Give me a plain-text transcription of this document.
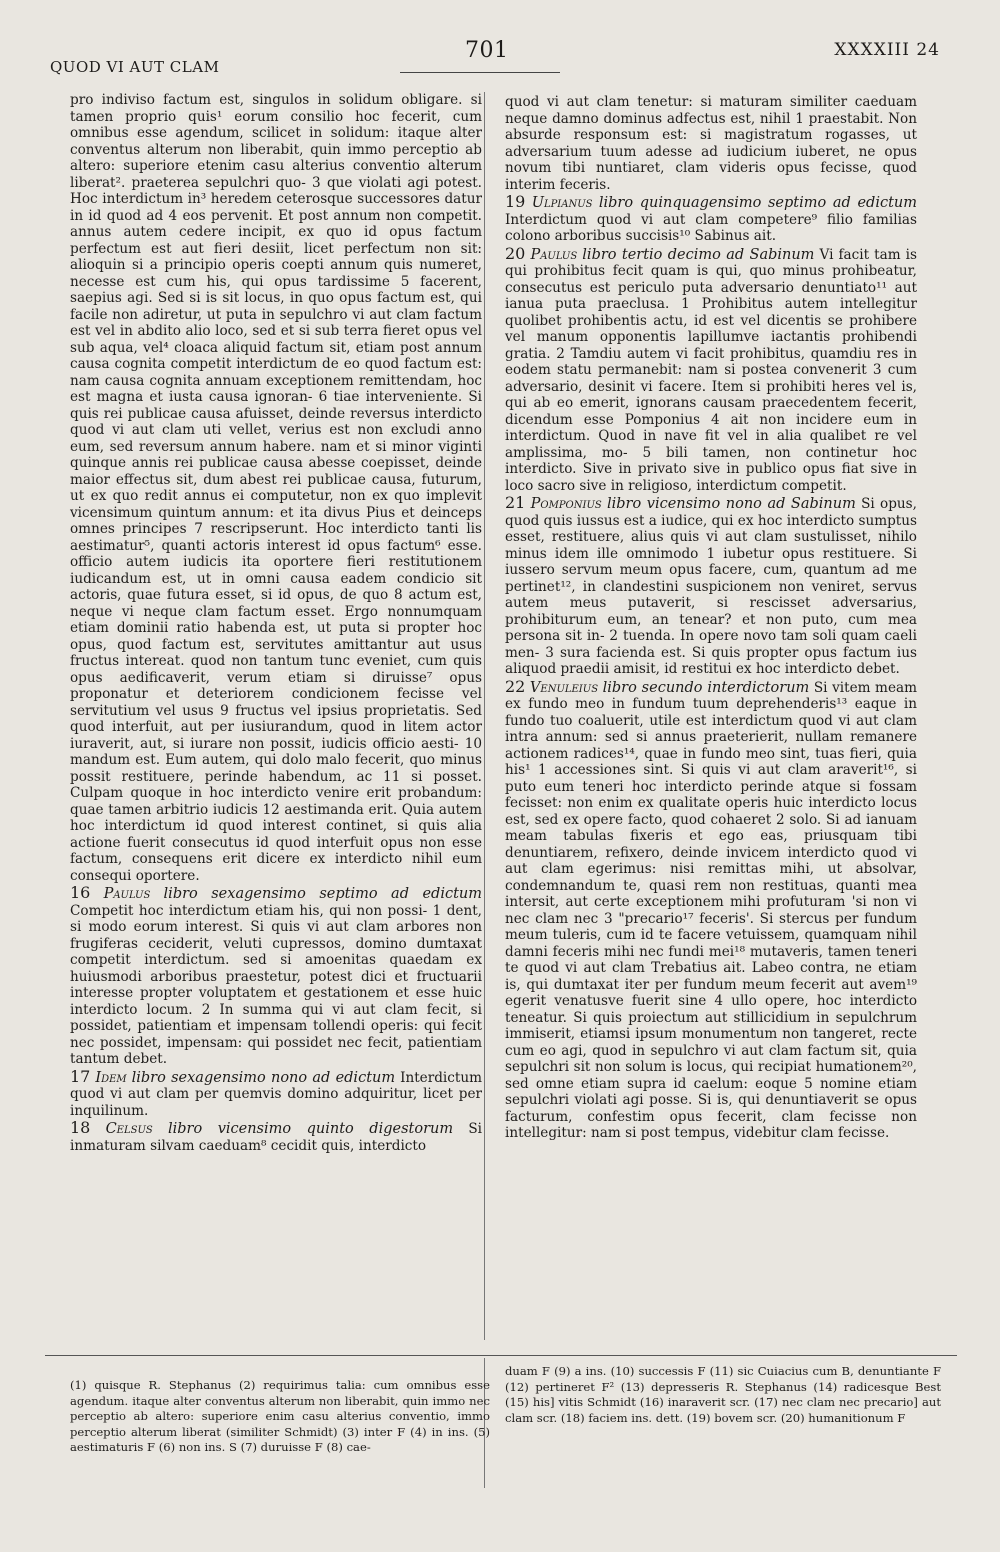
QUOD VI AUT CLAM
701	XXXXIII 24

pro indiviso factum est, singulos in solidum obligare. si tamen proprio quis¹ eorum consilio hoc fecerit, cum omnibus esse agendum, scilicet in solidum: itaque alter conventus alterum non liberabit, quin immo perceptio ab altero: superiore etenim casu alterius conventio alterum liberat². praeterea sepulchri quo- 3 que violati agi potest. Hoc interdictum in³ heredem ceterosque successores datur in id quod ad 4 eos pervenit. Et post annum non competit. annus autem cedere incipit, ex quo id opus factum perfectum est aut fieri desiit, licet perfectum non sit: alioquin si a principio operis coepti annum quis numeret, necesse est cum his, qui opus tardissime 5 facerent, saepius agi. Sed si is sit locus, in quo opus factum est, qui facile non adiretur, ut puta in sepulchro vi aut clam factum est vel in abdito alio loco, sed et si sub terra fieret opus vel sub aqua, vel⁴ cloaca aliquid factum sit, etiam post annum causa cognita competit interdictum de eo quod factum est: nam causa cognita annuam exceptionem remittendam, hoc est magna et iusta causa ignoran- 6 tiae interveniente. Si quis rei publicae causa afuisset, deinde reversus interdicto quod vi aut clam uti vellet, verius est non excludi anno eum, sed reversum annum habere. nam et si minor viginti quinque annis rei publicae causa abesse coepisset, deinde maior effectus sit, dum abest rei publicae causa, futurum, ut ex quo redit annus ei computetur, non ex quo implevit vicensimum quintum annum: et ita divus Pius et deinceps omnes principes 7 rescripserunt. Hoc interdicto tanti lis aestimatur⁵, quanti actoris interest id opus factum⁶ esse. officio autem iudicis ita oportere fieri restitutionem iudicandum est, ut in omni causa eadem condicio sit actoris, quae futura esset, si id opus, de quo 8 actum est, neque vi neque clam factum esset. Ergo nonnumquam etiam dominii ratio habenda est, ut puta si propter hoc opus, quod factum est, servitutes amittantur aut usus fructus intereat. quod non tantum tunc eveniet, cum quis opus aedificaverit, verum etiam si diruisse⁷ opus proponatur et deteriorem condicionem fecisse vel servitutium vel usus 9 fructus vel ipsius proprietatis. Sed quod interfuit, aut per iusiurandum, quod in litem actor iuraverit, aut, si iurare non possit, iudicis officio aesti- 10 mandum est. Eum autem, qui dolo malo fecerit, quo minus possit restituere, perinde habendum, ac 11 si posset. Culpam quoque in hoc interdicto venire erit probandum: quae tamen arbitrio iudicis 12 aestimanda erit. Quia autem hoc interdictum id quod interest continet, si quis alia actione fuerit consecutus id quod interfuit opus non esse factum, consequens erit dicere ex interdicto nihil eum consequi oportere.

16 Paulus libro sexagensimo septimo ad edictum Competit hoc interdictum etiam his, qui non possi- 1 dent, si modo eorum interest. Si quis vi aut clam arbores non frugiferas ceciderit, veluti cupressos, domino dumtaxat competit interdictum. sed si amoenitas quaedam ex huiusmodi arboribus praestetur, potest dici et fructuarii interesse propter voluptatem et gestationem et esse huic interdicto locum. 2 In summa qui vi aut clam fecit, si possidet, patientiam et impensam tollendi operis: qui fecit nec possidet, impensam: qui possidet nec fecit, patientiam tantum debet.

17 Idem libro sexagensimo nono ad edictum Interdictum quod vi aut clam per quemvis domino adquiritur, licet per inquilinum.

18 Celsus libro vicensimo quinto digestorum Si inmaturam silvam caeduam⁸ cecidit quis, interdicto

quod vi aut clam tenetur: si maturam similiter caeduam neque damno dominus adfectus est, nihil 1 praestabit. Non absurde responsum est: si magistratum rogasses, ut adversarium tuum adesse ad iudicium iuberet, ne opus novum tibi nuntiaret, clam videris opus fecisse, quod interim feceris.

19 Ulpianus libro quinquagensimo septimo ad edictum Interdictum quod vi aut clam competere⁹ filio familias colono arboribus succisis¹⁰ Sabinus ait.

20 Paulus libro tertio decimo ad Sabinum Vi facit tam is qui prohibitus fecit quam is qui, quo minus prohibeatur, consecutus est periculo puta adversario denuntiato¹¹ aut ianua puta praeclusa. 1 Prohibitus autem intellegitur quolibet prohibentis actu, id est vel dicentis se prohibere vel manum opponentis lapillumve iactantis prohibendi gratia. 2 Tamdiu autem vi facit prohibitus, quamdiu res in eodem statu permanebit: nam si postea convenerit 3 cum adversario, desinit vi facere. Item si prohibiti heres vel is, qui ab eo emerit, ignorans causam praecedentem fecerit, dicendum esse Pomponius 4 ait non incidere eum in interdictum. Quod in nave fit vel in alia qualibet re vel amplissima, mo- 5 bili tamen, non continetur hoc interdicto. Sive in privato sive in publico opus fiat sive in loco sacro sive in religioso, interdictum competit.

21 Pomponius libro vicensimo nono ad Sabinum Si opus, quod quis iussus est a iudice, qui ex hoc interdicto sumptus esset, restituere, alius quis vi aut clam sustulisset, nihilo minus idem ille omnimodo 1 iubetur opus restituere. Si iussero servum meum opus facere, cum, quantum ad me pertinet¹², in clandestini suspicionem non veniret, servus autem meus putaverit, si rescisset adversarius, prohibiturum eum, an tenear? et non puto, cum mea persona sit in- 2 tuenda. In opere novo tam soli quam caeli men- 3 sura facienda est. Si quis propter opus factum ius aliquod praedii amisit, id restitui ex hoc interdicto debet.

22 Venuleius libro secundo interdictorum Si vitem meam ex fundo meo in fundum tuum deprehenderis¹³ eaque in fundo tuo coaluerit, utile est interdictum quod vi aut clam intra annum: sed si annus praeterierit, nullam remanere actionem radices¹⁴, quae in fundo meo sint, tuas fieri, quia his¹ 1 accessiones sint. Si quis vi aut clam araverit¹⁶, si puto eum teneri hoc interdicto perinde atque si fossam fecisset: non enim ex qualitate operis huic interdicto locus est, sed ex opere facto, quod cohaeret 2 solo. Si ad ianuam meam tabulas fixeris et ego eas, priusquam tibi denuntiarem, refixero, deinde invicem interdicto quod vi aut clam egerimus: nisi remittas mihi, ut absolvar, condemnandum te, quasi rem non restituas, quanti mea intersit, aut certe exceptionem mihi profuturam 'si non vi nec clam nec 3 "precario¹⁷ feceris'. Si stercus per fundum meum tuleris, cum id te facere vetuissem, quamquam nihil damni feceris mihi nec fundi mei¹⁸ mutaveris, tamen teneri te quod vi aut clam Trebatius ait. Labeo contra, ne etiam is, qui dumtaxat iter per fundum meum fecerit aut avem¹⁹ egerit venatusve fuerit sine 4 ullo opere, hoc interdicto teneatur. Si quis proiectum aut stillicidium in sepulchrum immiserit, etiamsi ipsum monumentum non tangeret, recte cum eo agi, quod in sepulchro vi aut clam factum sit, quia sepulchri sit non solum is locus, qui recipiat humationem²⁰, sed omne etiam supra id caelum: eoque 5 nomine etiam sepulchri violati agi posse. Si is, qui denuntiaverit se opus facturum, confestim opus fecerit, clam fecisse non intellegitur: nam si post tempus, videbitur clam fecisse.

(1) quisque R. Stephanus (2) requirimus talia: cum omnibus esse agendum. itaque alter conventus alterum non liberabit, quin immo nec perceptio ab altero: superiore enim casu alterius conventio, immo perceptio alterum liberat (similiter Schmidt) (3) inter F (4) in ins. (5) aestimaturis F (6) non ins. S (7) duruisse F (8) cae-
duam F (9) a ins. (10) successis F (11) sic Cuiacius cum B, denuntiante F (12) pertineret F² (13) depresseris R. Stephanus (14) radicesque Best (15) his] vitis Schmidt (16) inaraverit scr. (17) nec clam nec precario] aut clam scr. (18) faciem ins. dett. (19) bovem scr. (20) humanitionum F
